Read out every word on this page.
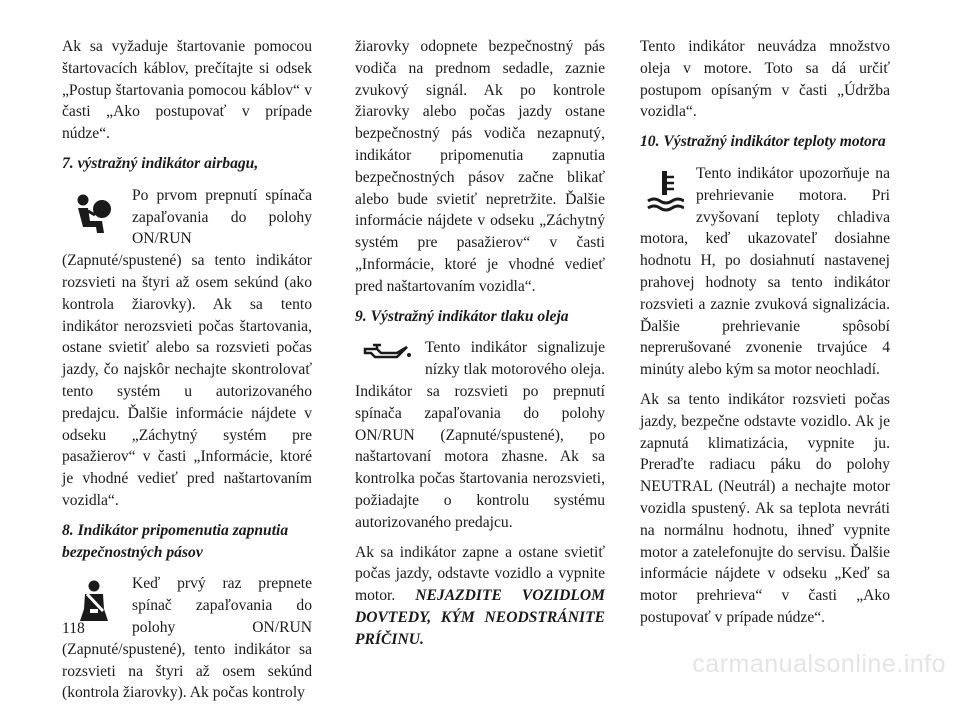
Ak sa vyžaduje štartovanie pomocou štartovacích káblov, prečítajte si odsek „Postup štartovania pomocou káblov“ v časti „Ako postupovať v prípade núdze“.

7. výstražný indikátor airbagu,

Po prvom prepnutí spínača zapaľovania do polohy ON/RUN (Zapnuté/spustené) sa tento indikátor rozsvieti na štyri až osem sekúnd (ako kontrola žiarovky). Ak sa tento indikátor nerozsvieti počas štartovania, ostane svietiť alebo sa rozsvieti počas jazdy, čo najskôr nechajte skontrolovať tento systém u autorizovaného predajcu. Ďalšie informácie nájdete v odseku „Záchytný systém pre pasažierov“ v časti „Informácie, ktoré je vhodné vedieť pred naštartovaním vozidla“.

8. Indikátor pripomenutia zapnutia bezpečnostných pásov

Keď prvý raz prepnete spínač zapaľovania do polohy ON/RUN (Zapnuté/spustené), tento indikátor sa rozsvieti na štyri až osem sekúnd (kontrola žiarovky). Ak počas kontroly

žiarovky odopnete bezpečnostný pás vodiča na prednom sedadle, zaznie zvukový signál. Ak po kontrole žiarovky alebo počas jazdy ostane bezpečnostný pás vodiča nezapnutý, indikátor pripomenutia zapnutia bezpečnostných pásov začne blikať alebo bude svietiť nepretržite. Ďalšie informácie nájdete v odseku „Záchytný systém pre pasažierov“ v časti „Informácie, ktoré je vhodné vedieť pred naštartovaním vozidla“.

9. Výstražný indikátor tlaku oleja

Tento indikátor signalizuje nízky tlak motorového oleja. Indikátor sa rozsvieti po prepnutí spínača zapaľovania do polohy ON/RUN (Zapnuté/spustené), po naštartovaní motora zhasne. Ak sa kontrolka počas štartovania nerozsvieti, požiadajte o kontrolu systému autorizovaného predajcu.

Ak sa indikátor zapne a ostane svietiť počas jazdy, odstavte vozidlo a vypnite motor. NEJAZDITE VOZIDLOM DOVTEDY, KÝM NEODSTRÁNITE PRÍČINU.

Tento indikátor neuvádza množstvo oleja v motore. Toto sa dá určiť postupom opísaným v časti „Údržba vozidla“.

10. Výstražný indikátor teploty motora

Tento indikátor upozorňuje na prehrievanie motora. Pri zvyšovaní teploty chladiva motora, keď ukazovateľ dosiahne hodnotu H, po dosiahnutí nastavenej prahovej hodnoty sa tento indikátor rozsvieti a zaznie zvuková signalizácia. Ďalšie prehrievanie spôsobí neprerušované zvonenie trvajúce 4 minúty alebo kým sa motor neochladí.

Ak sa tento indikátor rozsvieti počas jazdy, bezpečne odstavte vozidlo. Ak je zapnutá klimatizácia, vypnite ju. Preraďte radiacu páku do polohy NEUTRAL (Neutrál) a nechajte motor vozidla spustený. Ak sa teplota nevráti na normálnu hodnotu, ihneď vypnite motor a zatelefonujte do servisu. Ďalšie informácie nájdete v odseku „Keď sa motor prehrieva“ v časti „Ako postupovať v prípade núdze“.

118
carmanualsonline.info
